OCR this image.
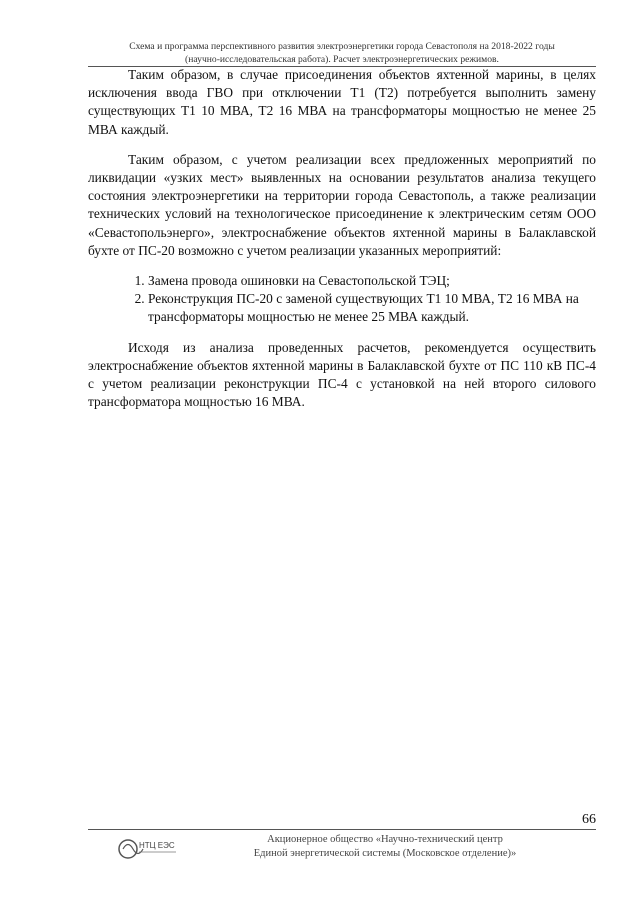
Схема и программа перспективного развития электроэнергетики города Севастополя на 2018-2022 годы
(научно-исследовательская работа). Расчет электроэнергетических режимов.

Таким образом, в случае присоединения объектов яхтенной марины, в целях исключения ввода ГВО при отключении Т1 (Т2) потребуется выполнить замену существующих Т1 10 МВА, Т2 16 МВА на трансформаторы мощностью не менее 25 МВА каждый.

Таким образом, с учетом реализации всех предложенных мероприятий по ликвидации «узких мест» выявленных на основании результатов анализа текущего состояния электроэнергетики на территории города Севастополь, а также реализации технических условий на технологическое присоединение к электрическим сетям ООО «Севастопольэнерго», электроснабжение объектов яхтенной марины в Балаклавской бухте от ПС-20 возможно с учетом реализации указанных мероприятий:

1. Замена провода ошиновки на Севастопольской ТЭЦ;
2. Реконструкция ПС-20 с заменой существующих Т1 10 МВА, Т2 16 МВА на трансформаторы мощностью не менее 25 МВА каждый.

Исходя из анализа проведенных расчетов, рекомендуется осуществить электроснабжение объектов яхтенной марины в Балаклавской бухте от ПС 110 кВ ПС-4 с учетом реализации реконструкции ПС-4 с установкой на ней второго силового трансформатора мощностью 16 МВА.

66
НТЦ ЕЭС
Акционерное общество «Научно-технический центр
Единой энергетической системы (Московское отделение)»
